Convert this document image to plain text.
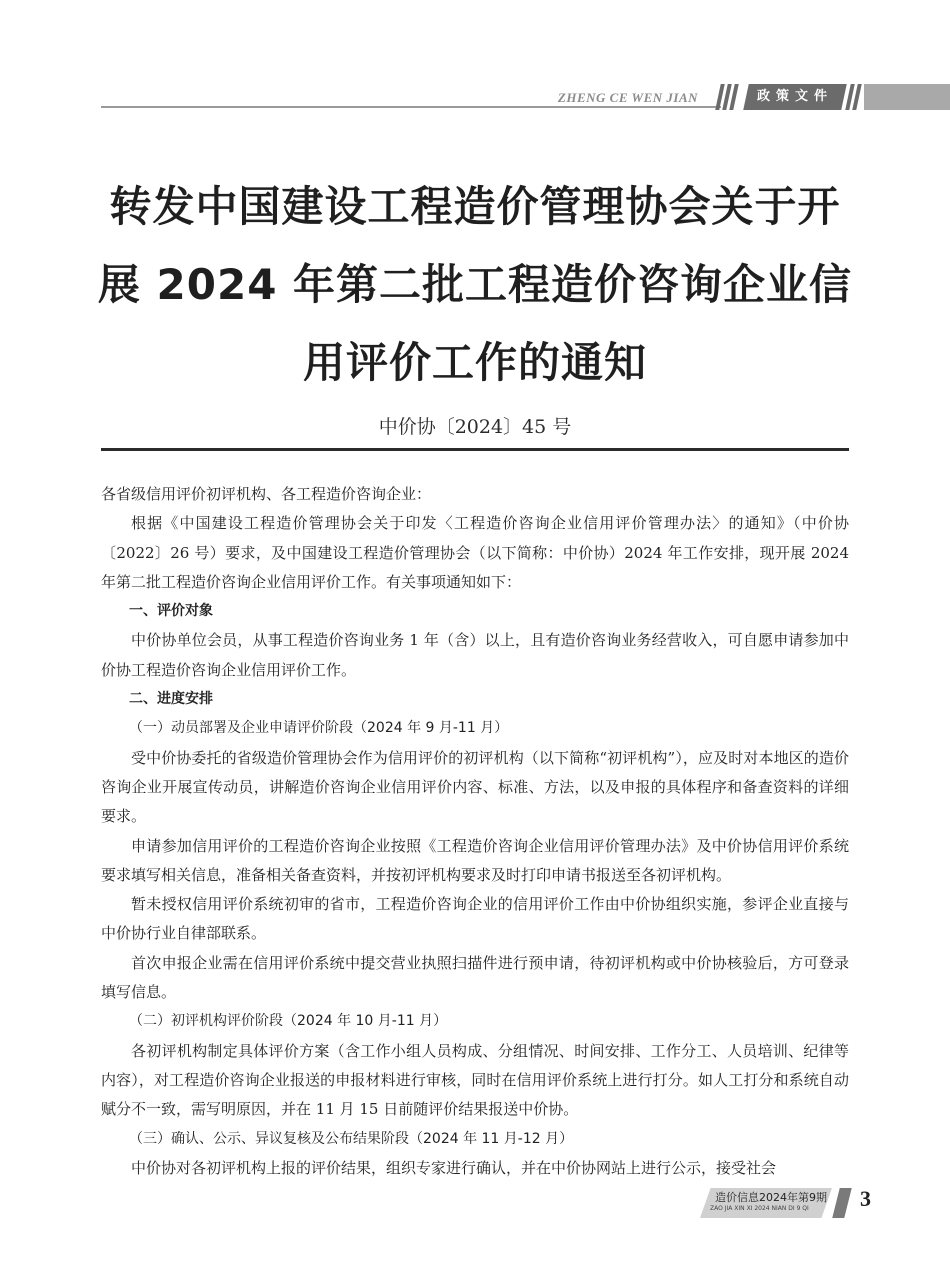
ZHENG CE WEN JIAN	政策文件
转发中国建设工程造价管理协会关于开
展 2024 年第二批工程造价咨询企业信
用评价工作的通知
中价协〔2024〕45 号

各省级信用评价初评机构、各工程造价咨询企业：

根据《中国建设工程造价管理协会关于印发〈工程造价咨询企业信用评价管理办法〉的通知》（中价协〔2022〕26 号）要求，及中国建设工程造价管理协会（以下简称：中价协）2024 年工作安排，现开展 2024 年第二批工程造价咨询企业信用评价工作。有关事项通知如下：

一、评价对象

中价协单位会员，从事工程造价咨询业务 1 年（含）以上，且有造价咨询业务经营收入，可自愿申请参加中价协工程造价咨询企业信用评价工作。

二、进度安排

（一）动员部署及企业申请评价阶段（2024 年 9 月-11 月）

受中价协委托的省级造价管理协会作为信用评价的初评机构（以下简称“初评机构”），应及时对本地区的造价咨询企业开展宣传动员，讲解造价咨询企业信用评价内容、标准、方法，以及申报的具体程序和备查资料的详细要求。

申请参加信用评价的工程造价咨询企业按照《工程造价咨询企业信用评价管理办法》及中价协信用评价系统要求填写相关信息，准备相关备查资料，并按初评机构要求及时打印申请书报送至各初评机构。

暂未授权信用评价系统初审的省市，工程造价咨询企业的信用评价工作由中价协组织实施，参评企业直接与中价协行业自律部联系。

首次申报企业需在信用评价系统中提交营业执照扫描件进行预申请，待初评机构或中价协核验后，方可登录填写信息。

（二）初评机构评价阶段（2024 年 10 月-11 月）

各初评机构制定具体评价方案（含工作小组人员构成、分组情况、时间安排、工作分工、人员培训、纪律等内容），对工程造价咨询企业报送的申报材料进行审核，同时在信用评价系统上进行打分。如人工打分和系统自动赋分不一致，需写明原因，并在 11 月 15 日前随评价结果报送中价协。

（三）确认、公示、异议复核及公布结果阶段（2024 年 11 月-12 月）

中价协对各初评机构上报的评价结果，组织专家进行确认，并在中价协网站上进行公示，接受社会

造价信息2024年第9期
ZAO JIA XIN XI 2024 NIAN DI 9 QI 3
